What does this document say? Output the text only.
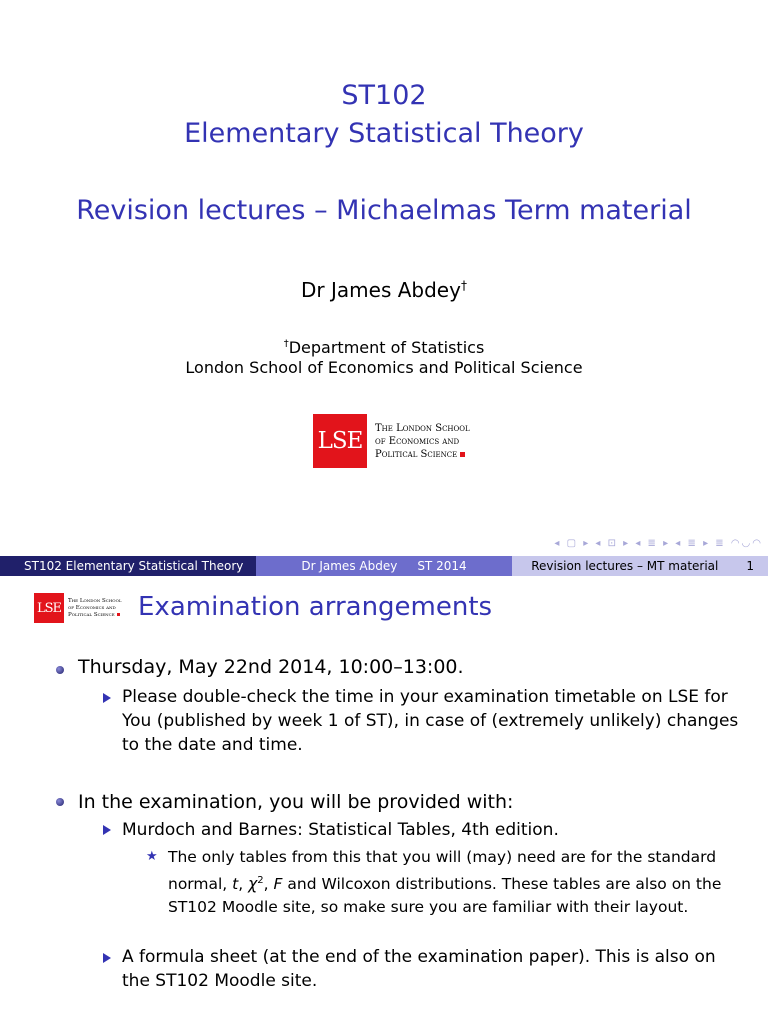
ST102
Elementary Statistical Theory
Revision lectures – Michaelmas Term material
Dr James Abdey†
†Department of Statistics
London School of Economics and Political Science
LSE	The London School
of Economics and
Political Science
◂ ▢ ▸ ◂ ⊡ ▸ ◂ ≣ ▸ ◂ ≣ ▸ ≣ ◠◡◠
ST102 Elementary Statistical Theory	Dr James Abdey ST 2014	Revision lectures – MT material 1
LSE	The London School
of Economics and
Political Science Examination arrangements
Thursday, May 22nd 2014, 10:00–13:00.
Please double-check the time in your examination timetable on LSE for You (published by week 1 of ST), in case of (extremely unlikely) changes to the date and time.
In the examination, you will be provided with:
Murdoch and Barnes: Statistical Tables, 4th edition.
★ The only tables from this that you will (may) need are for the standard normal, t, $\chi^2$, F and Wilcoxon distributions. These tables are also on the ST102 Moodle site, so make sure you are familiar with their layout.
A formula sheet (at the end of the examination paper). This is also on the ST102 Moodle site.
